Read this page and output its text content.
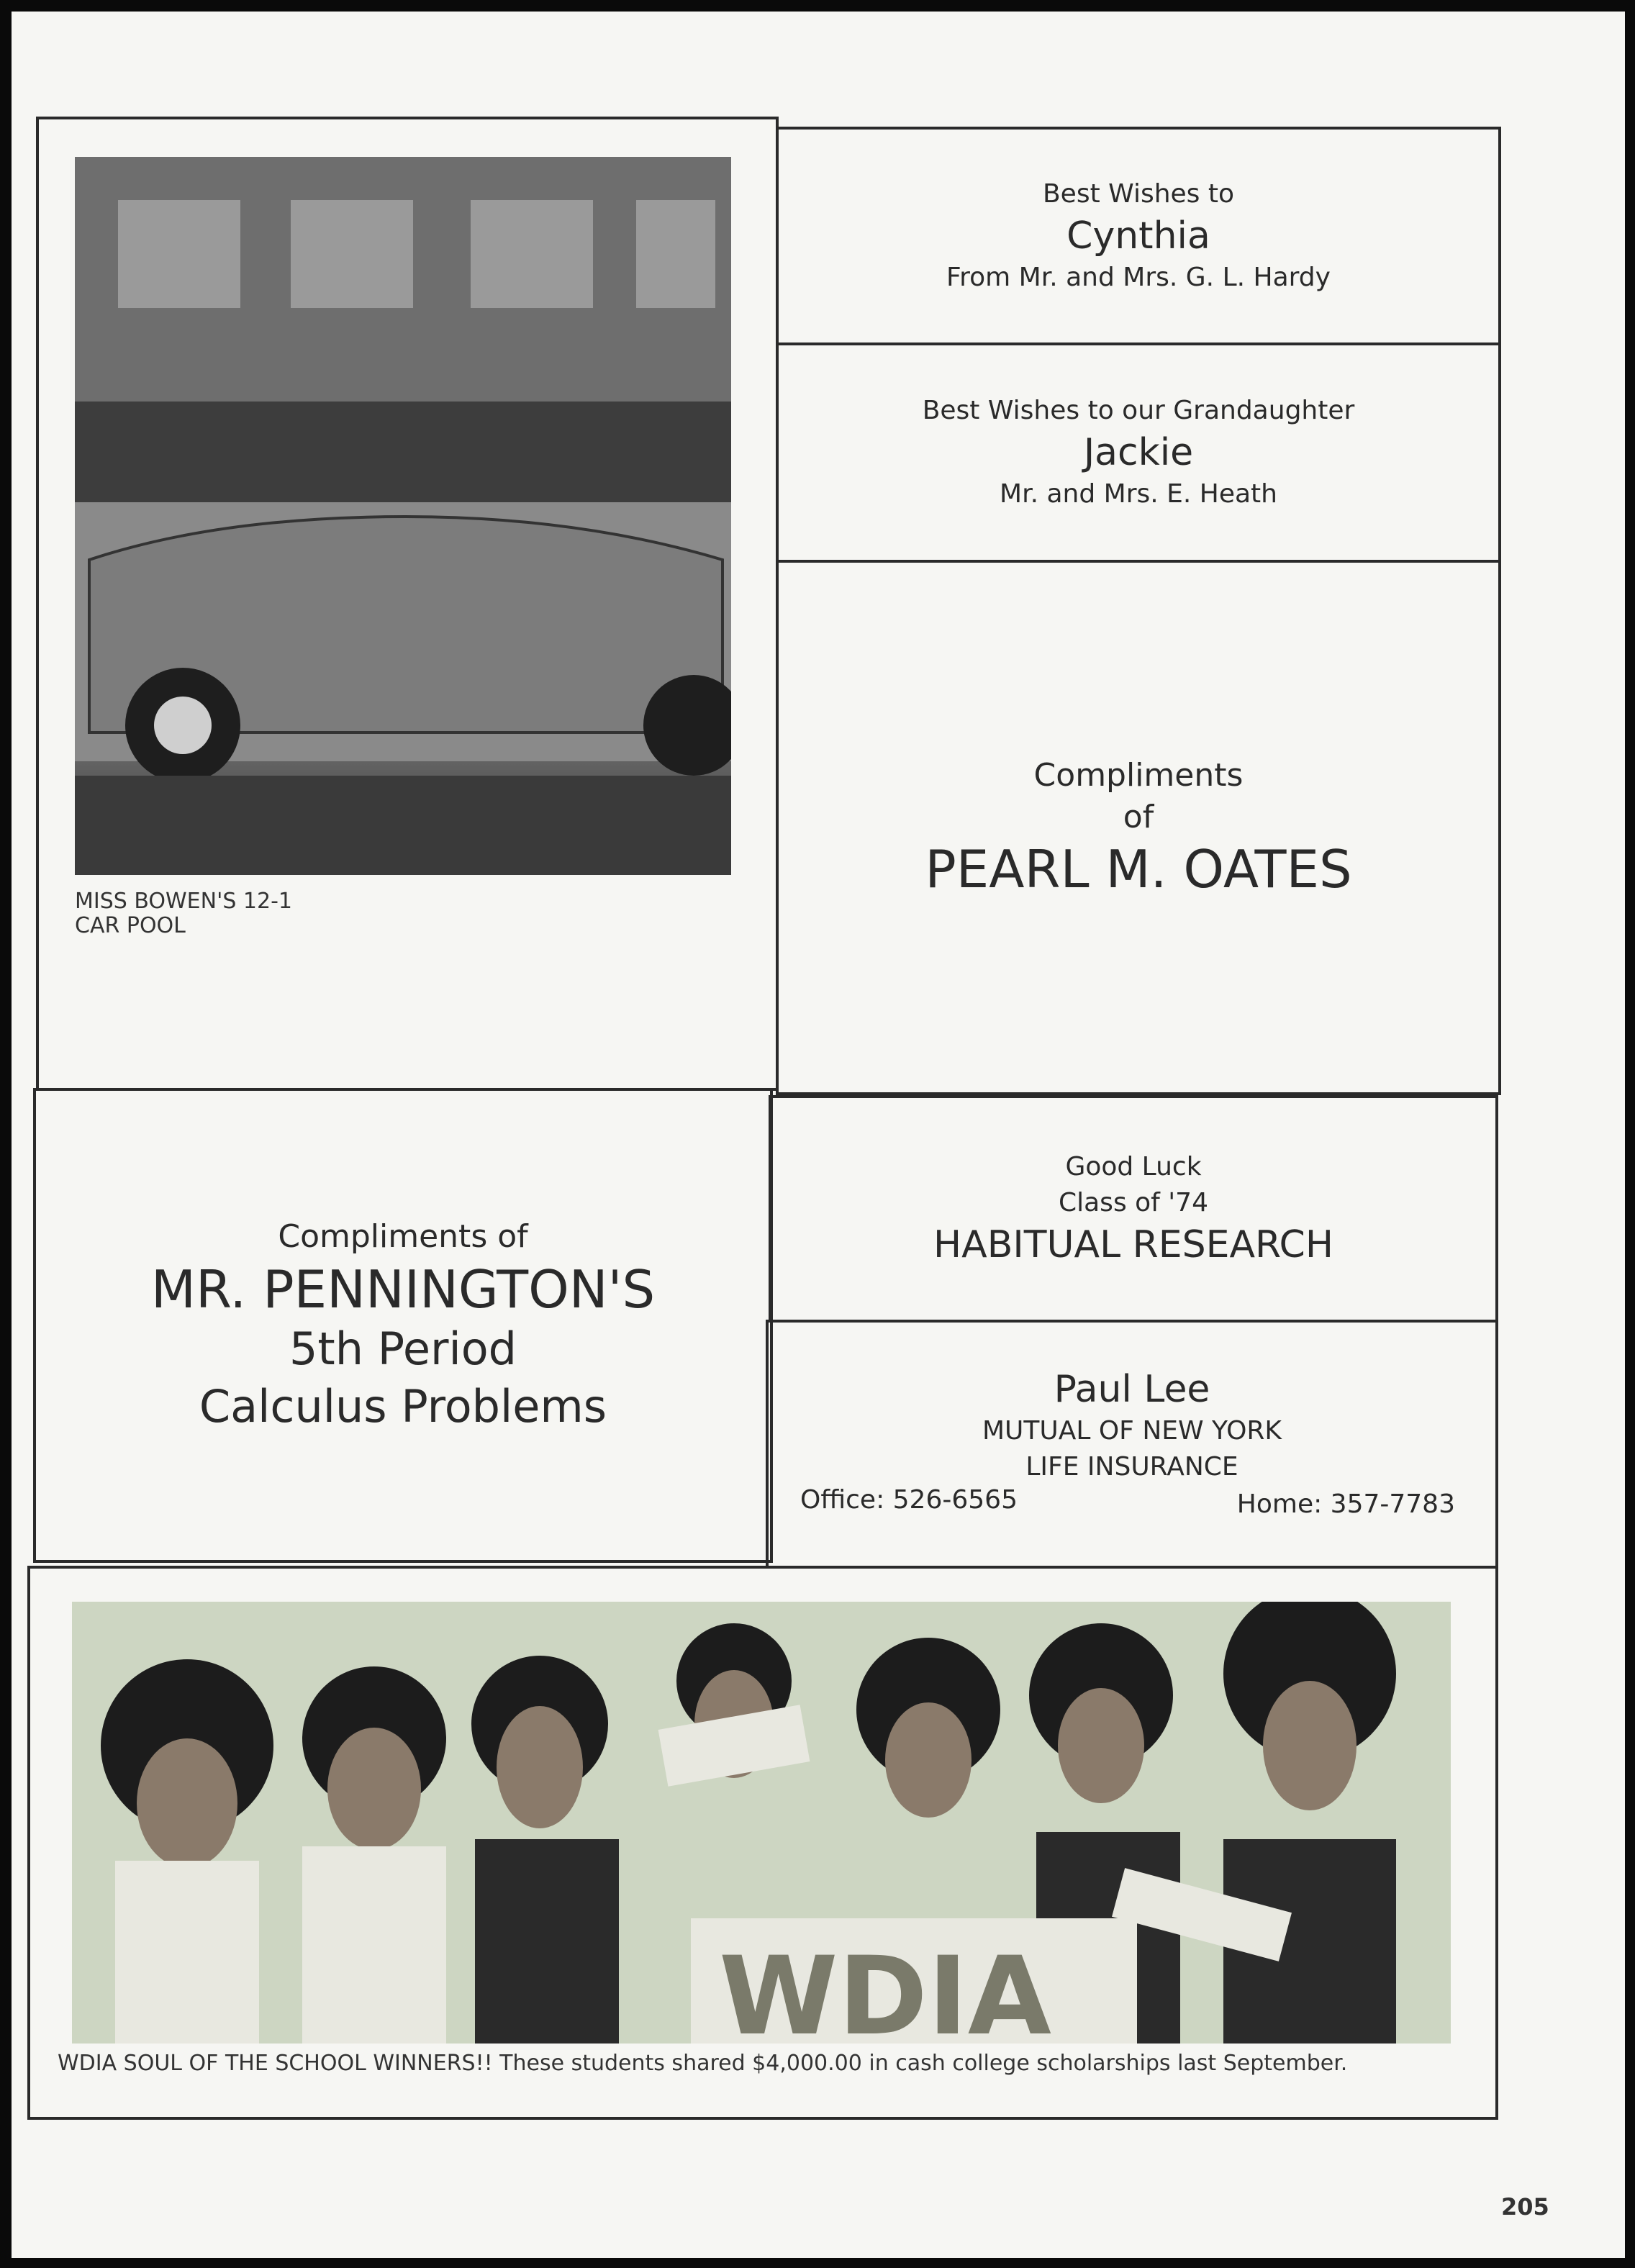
MISS BOWEN'S 12-1
CAR POOL
Best Wishes to
Cynthia
From Mr. and Mrs. G. L. Hardy
Best Wishes to our Grandaughter
Jackie
Mr. and Mrs. E. Heath
Compliments
of
PEARL M. OATES
Compliments of
MR. PENNINGTON'S
5th Period
Calculus Problems
Good Luck
Class of '74
HABITUAL RESEARCH
Paul Lee
MUTUAL OF NEW YORK
LIFE INSURANCE
Office: 526-6565	Home: 357-7783
WDIA
WDIA SOUL OF THE SCHOOL WINNERS!! These students shared $4,000.00 in cash college scholarships last September.
205
